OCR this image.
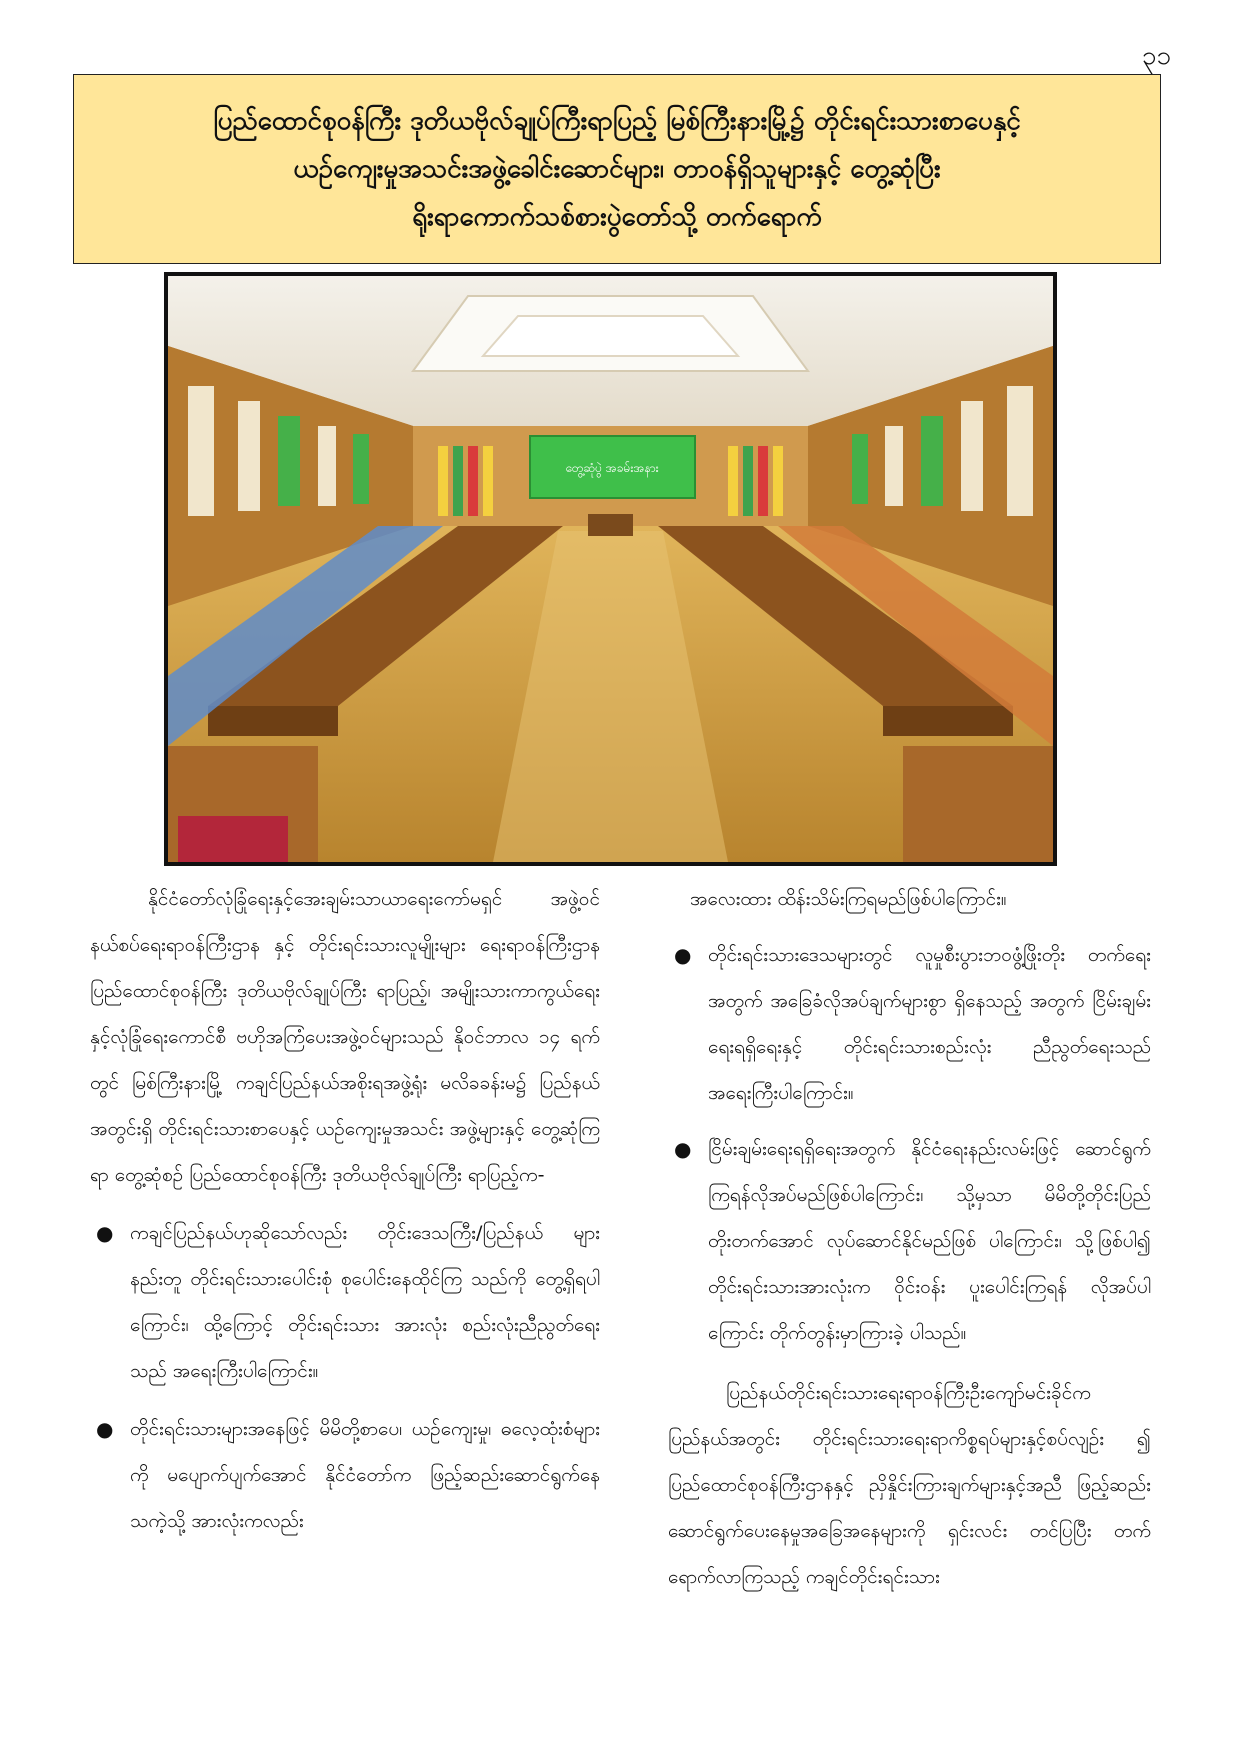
၃၁
ပြည်ထောင်စုဝန်ကြီး ဒုတိယဗိုလ်ချုပ်ကြီးရာပြည့် မြစ်ကြီးနားမြို့၌ တိုင်းရင်းသားစာပေနှင့်
ယဉ်ကျေးမှုအသင်းအဖွဲ့ခေါင်းဆောင်များ၊ တာဝန်ရှိသူများနှင့် တွေ့ဆုံပြီး
ရိုးရာကောက်သစ်စားပွဲတော်သို့ တက်ရောက်
တွေ့ဆုံပွဲ အခမ်းအနား

နိုင်ငံတော်လုံခြုံရေးနှင့်အေးချမ်းသာယာရေးကော်မရှင် အဖွဲ့ဝင် နယ်စပ်ရေးရာဝန်ကြီးဌာန နှင့် တိုင်းရင်းသားလူမျိုးများ ရေးရာဝန်ကြီးဌာန ပြည်ထောင်စုဝန်ကြီး ဒုတိယဗိုလ်ချုပ်ကြီး ရာပြည့်၊ အမျိုးသားကာကွယ်ရေးနှင့်လုံခြုံရေးကောင်စီ ဗဟိုအကြံပေးအဖွဲ့ဝင်များသည် နိုဝင်ဘာလ ၁၄ ရက်တွင် မြစ်ကြီးနားမြို့ ကချင်ပြည်နယ်အစိုးရအဖွဲ့ရုံး မလိခခန်းမ၌ ပြည်နယ်အတွင်းရှိ တိုင်းရင်းသားစာပေနှင့် ယဉ်ကျေးမှုအသင်း အဖွဲ့များနှင့် တွေ့ဆုံကြရာ တွေ့ဆုံစဉ် ပြည်ထောင်စုဝန်ကြီး ဒုတိယဗိုလ်ချုပ်ကြီး ရာပြည့်က-

● ကချင်ပြည်နယ်ဟုဆိုသော်လည်း တိုင်းဒေသကြီး/ပြည်နယ် များနည်းတူ တိုင်းရင်းသားပေါင်းစုံ စုပေါင်းနေထိုင်ကြ သည်ကို တွေ့ရှိရပါကြောင်း၊ ထို့ကြောင့် တိုင်းရင်းသား အားလုံး စည်းလုံးညီညွတ်ရေးသည် အရေးကြီးပါကြောင်း။
● တိုင်းရင်းသားများအနေဖြင့် မိမိတို့စာပေ၊ ယဉ်ကျေးမှု၊ ဓလေ့ထုံးစံများကို မပျောက်ပျက်အောင် နိုင်ငံတော်က ဖြည့်ဆည်းဆောင်ရွက်နေသကဲ့သို့ အားလုံးကလည်း

အလေးထား ထိန်းသိမ်းကြရမည်ဖြစ်ပါကြောင်း။

● တိုင်းရင်းသားဒေသများတွင် လူမှုစီးပွားဘဝဖွံ့ဖြိုးတိုး တက်ရေးအတွက် အခြေခံလိုအပ်ချက်များစွာ ရှိနေသည့် အတွက် ငြိမ်းချမ်းရေးရရှိရေးနှင့် တိုင်းရင်းသားစည်းလုံး ညီညွတ်ရေးသည် အရေးကြီးပါကြောင်း။
● ငြိမ်းချမ်းရေးရရှိရေးအတွက် နိုင်ငံရေးနည်းလမ်းဖြင့် ဆောင်ရွက်ကြရန်လိုအပ်မည်ဖြစ်ပါကြောင်း၊ သို့မှသာ မိမိတို့တိုင်းပြည်တိုးတက်အောင် လုပ်ဆောင်နိုင်မည်ဖြစ် ပါကြောင်း၊ သို့ဖြစ်ပါ၍ တိုင်းရင်းသားအားလုံးက ဝိုင်းဝန်း ပူးပေါင်းကြရန် လိုအပ်ပါကြောင်း တိုက်တွန်းမှာကြားခဲ့ ပါသည်။

ပြည်နယ်တိုင်းရင်းသားရေးရာဝန်ကြီးဦးကျော်မင်းခိုင်က ပြည်နယ်အတွင်း တိုင်းရင်းသားရေးရာကိစ္စရပ်များနှင့်စပ်လျဉ်း ၍ ပြည်ထောင်စုဝန်ကြီးဌာနနှင့် ညှိနှိုင်းကြားချက်များနှင့်အညီ ဖြည့်ဆည်းဆောင်ရွက်ပေးနေမှုအခြေအနေများကို ရှင်းလင်း တင်ပြပြီး တက်ရောက်လာကြသည့် ကချင်တိုင်းရင်းသား
